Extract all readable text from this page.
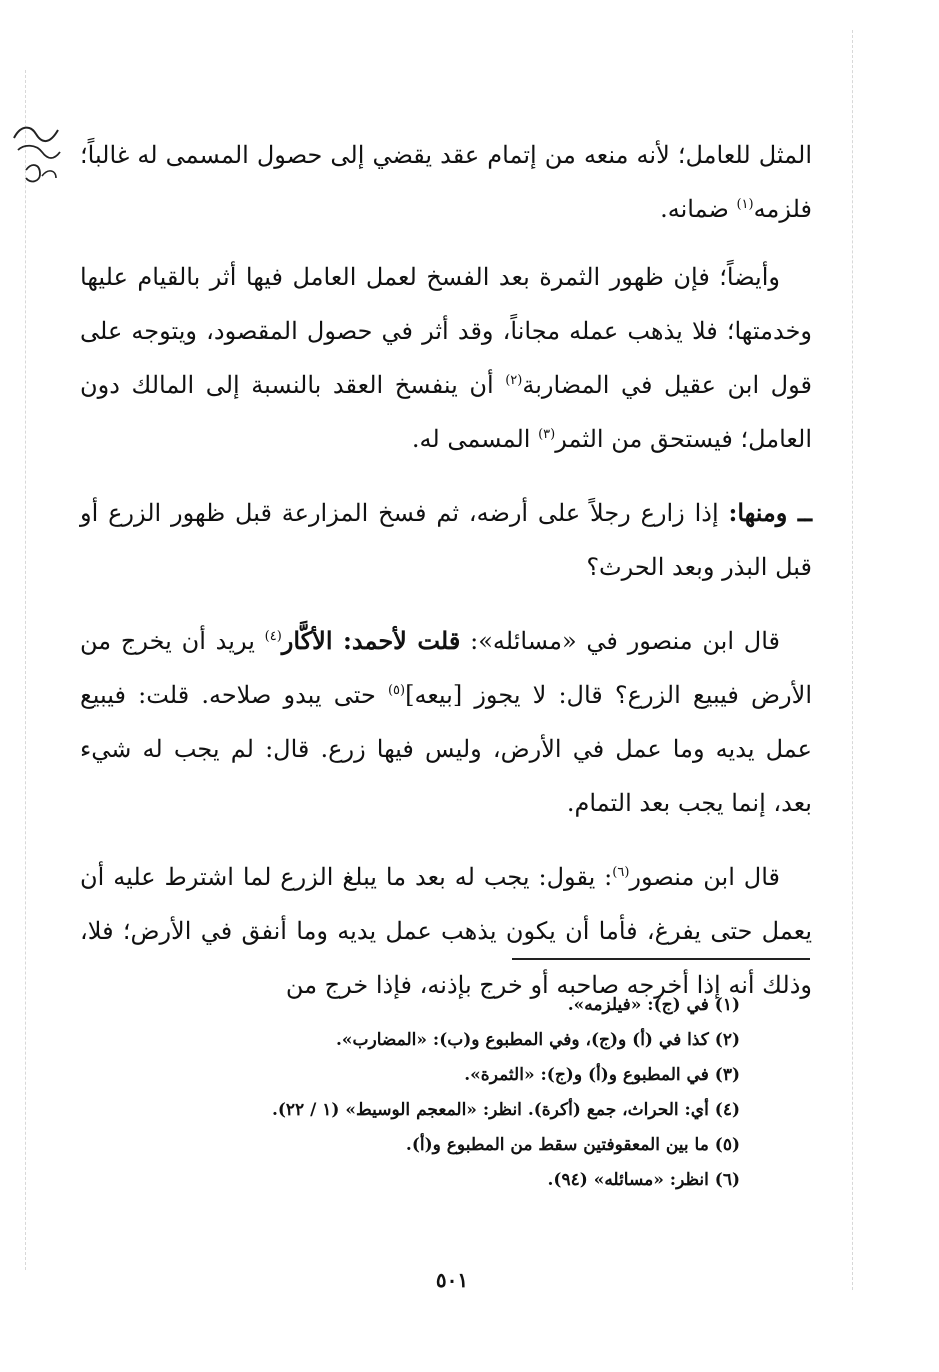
المثل للعامل؛ لأنه منعه من إتمام عقد يقضي إلى حصول المسمى له غالباً؛ فلزمه$^{(١)}$ ضمانه.

وأيضاً؛ فإن ظهور الثمرة بعد الفسخ لعمل العامل فيها أثر بالقيام عليها وخدمتها؛ فلا يذهب عمله مجاناً، وقد أثر في حصول المقصود، ويتوجه على قول ابن عقيل في المضاربة$^{(٢)}$ أن ينفسخ العقد بالنسبة إلى المالك دون العامل؛ فيستحق من الثمر$^{(٣)}$ المسمى له.

ــ ومنها: إذا زارع رجلاً على أرضه، ثم فسخ المزارعة قبل ظهور الزرع أو قبل البذر وبعد الحرث؟

قال ابن منصور في «مسائله»: قلت لأحمد: الأكَّار$^{(٤)}$ يريد أن يخرج من الأرض فيبيع الزرع؟ قال: لا يجوز [بيعه]$^{(٥)}$ حتى يبدو صلاحه. قلت: فيبيع عمل يديه وما عمل في الأرض، وليس فيها زرع. قال: لم يجب له شيء بعد، إنما يجب بعد التمام.

قال ابن منصور$^{(٦)}$: يقول: يجب له بعد ما يبلغ الزرع لما اشترط عليه أن يعمل حتى يفرغ، فأما أن يكون يذهب عمل يديه وما أنفق في الأرض؛ فلا، وذلك أنه إذا أخرجه صاحبه أو خرج بإذنه، فإذا خرج من

(١) في (ج): «فيلزمه».
(٢) كذا في (أ) و(ج)، وفي المطبوع و(ب): «المضارب».
(٣) في المطبوع و(أ) و(ج): «الثمرة».
(٤) أي: الحراث، جمع (أكرة). انظر: «المعجم الوسيط» (١ / ٢٢).
(٥) ما بين المعقوفتين سقط من المطبوع و(أ).
(٦) انظر: «مسائله» (٩٤).
٥٠١
